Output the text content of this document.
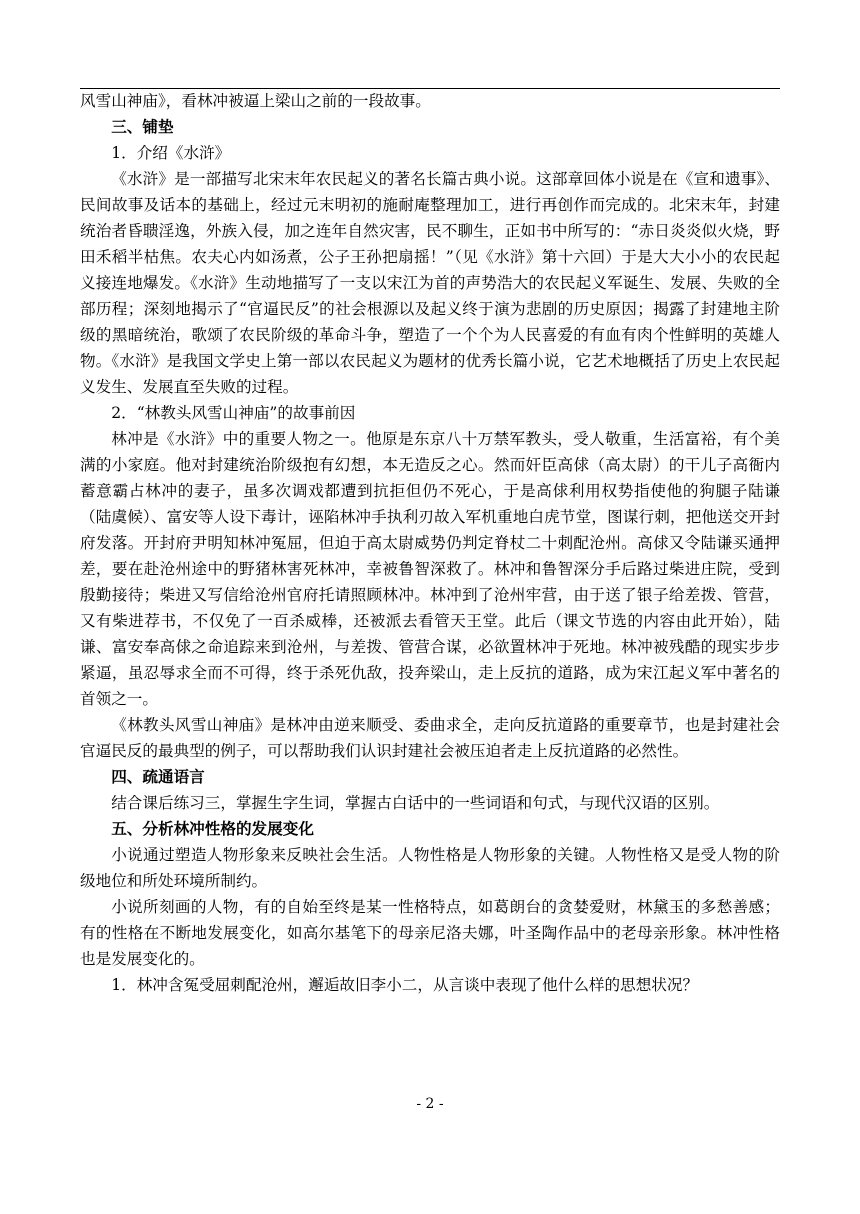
风雪山神庙》，看林冲被逼上梁山之前的一段故事。

三、铺垫

1．介绍《水浒》

《水浒》是一部描写北宋末年农民起义的著名长篇古典小说。这部章回体小说是在《宣和遗事》、民间故事及话本的基础上，经过元末明初的施耐庵整理加工，进行再创作而完成的。北宋末年，封建统治者昏聩淫逸，外族入侵，加之连年自然灾害，民不聊生，正如书中所写的：“赤日炎炎似火烧，野田禾稻半枯焦。农夫心内如汤煮，公子王孙把扇摇！”（见《水浒》第十六回）于是大大小小的农民起义接连地爆发。《水浒》生动地描写了一支以宋江为首的声势浩大的农民起义军诞生、发展、失败的全部历程；深刻地揭示了“官逼民反”的社会根源以及起义终于演为悲剧的历史原因；揭露了封建地主阶级的黑暗统治，歌颂了农民阶级的革命斗争，塑造了一个个为人民喜爱的有血有肉个性鲜明的英雄人物。《水浒》是我国文学史上第一部以农民起义为题材的优秀长篇小说，它艺术地概括了历史上农民起义发生、发展直至失败的过程。

2．“林教头风雪山神庙”的故事前因

林冲是《水浒》中的重要人物之一。他原是东京八十万禁军教头，受人敬重，生活富裕，有个美满的小家庭。他对封建统治阶级抱有幻想，本无造反之心。然而奸臣高俅（高太尉）的干儿子高衙内蓄意霸占林冲的妻子，虽多次调戏都遭到抗拒但仍不死心，于是高俅利用权势指使他的狗腿子陆谦（陆虞候）、富安等人设下毒计，诬陷林冲手执利刃故入军机重地白虎节堂，图谋行刺，把他送交开封府发落。开封府尹明知林冲冤屈，但迫于高太尉威势仍判定脊杖二十刺配沧州。高俅又令陆谦买通押差，要在赴沧州途中的野猪林害死林冲，幸被鲁智深救了。林冲和鲁智深分手后路过柴进庄院，受到殷勤接待；柴进又写信给沧州官府托请照顾林冲。林冲到了沧州牢营，由于送了银子给差拨、管营，又有柴进荐书，不仅免了一百杀威棒，还被派去看管天王堂。此后（课文节选的内容由此开始），陆谦、富安奉高俅之命追踪来到沧州，与差拨、管营合谋，必欲置林冲于死地。林冲被残酷的现实步步紧逼，虽忍辱求全而不可得，终于杀死仇敌，投奔梁山，走上反抗的道路，成为宋江起义军中著名的首领之一。

《林教头风雪山神庙》是林冲由逆来顺受、委曲求全，走向反抗道路的重要章节，也是封建社会官逼民反的最典型的例子，可以帮助我们认识封建社会被压迫者走上反抗道路的必然性。

四、疏通语言

结合课后练习三，掌握生字生词，掌握古白话中的一些词语和句式，与现代汉语的区别。

五、分析林冲性格的发展变化

小说通过塑造人物形象来反映社会生活。人物性格是人物形象的关键。人物性格又是受人物的阶级地位和所处环境所制约。

小说所刻画的人物，有的自始至终是某一性格特点，如葛朗台的贪婪爱财，林黛玉的多愁善感；有的性格在不断地发展变化，如高尔基笔下的母亲尼洛夫娜，叶圣陶作品中的老母亲形象。林冲性格也是发展变化的。

1．林冲含冤受屈刺配沧州，邂逅故旧李小二，从言谈中表现了他什么样的思想状况？

- 2 -
